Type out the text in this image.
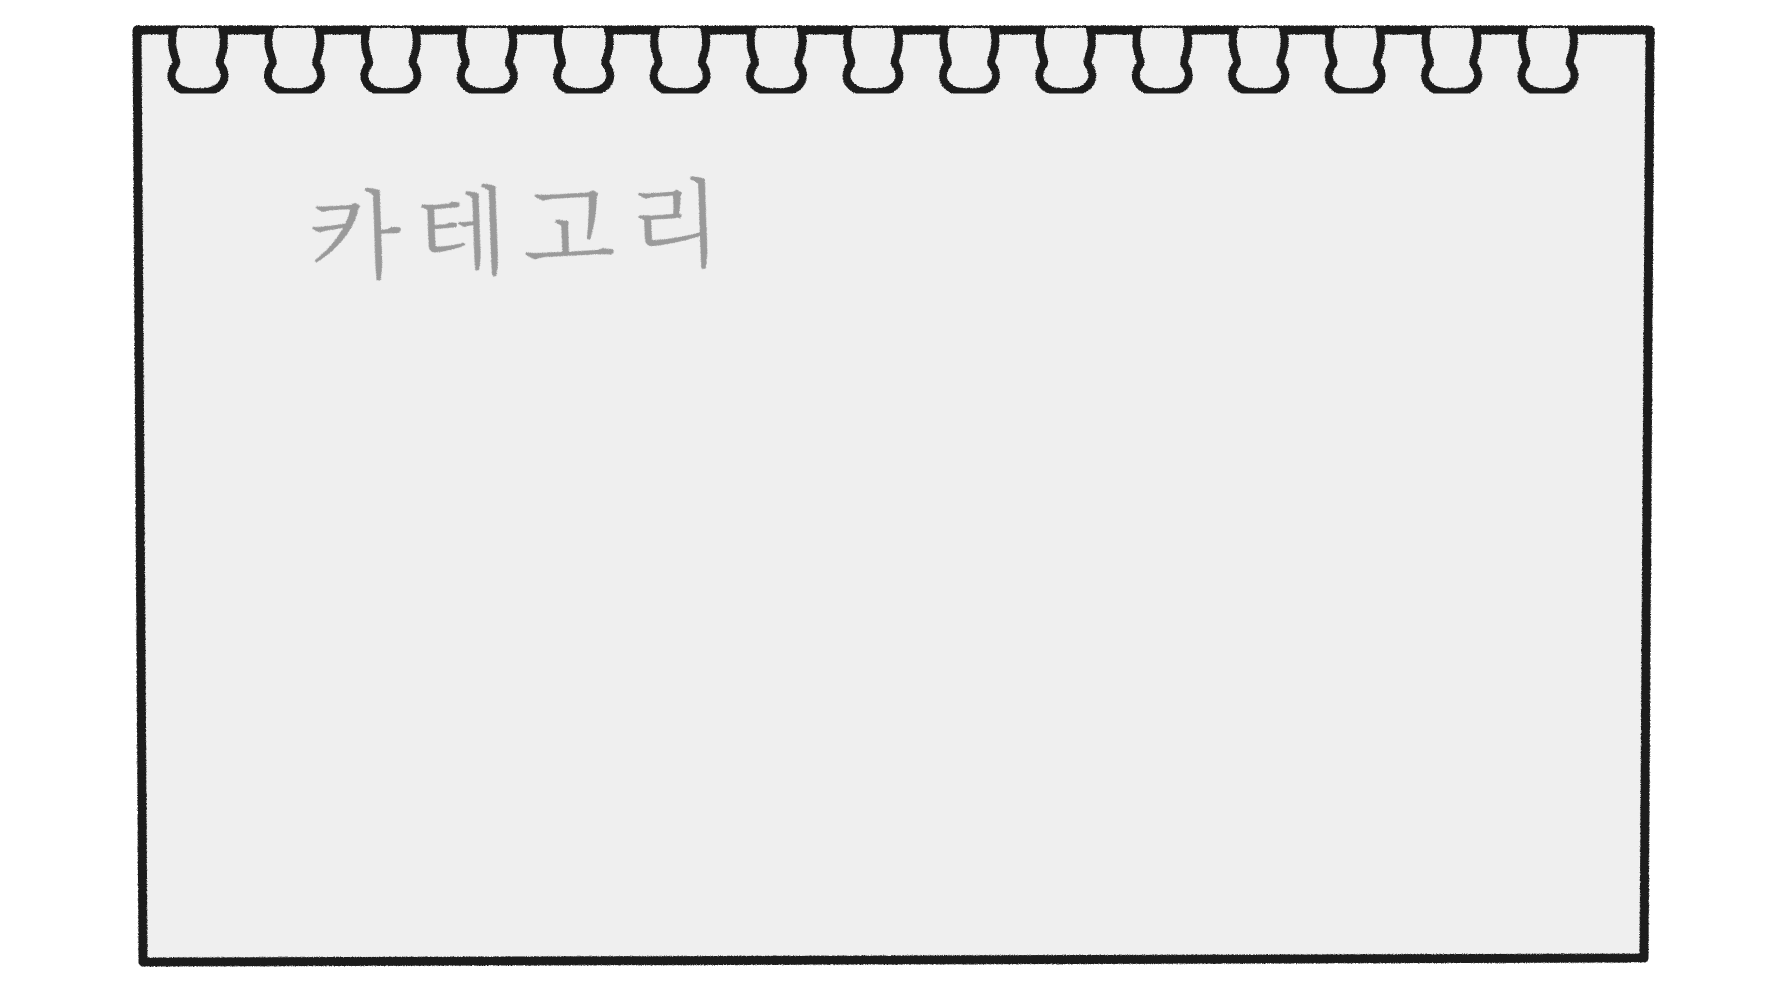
카테고리
